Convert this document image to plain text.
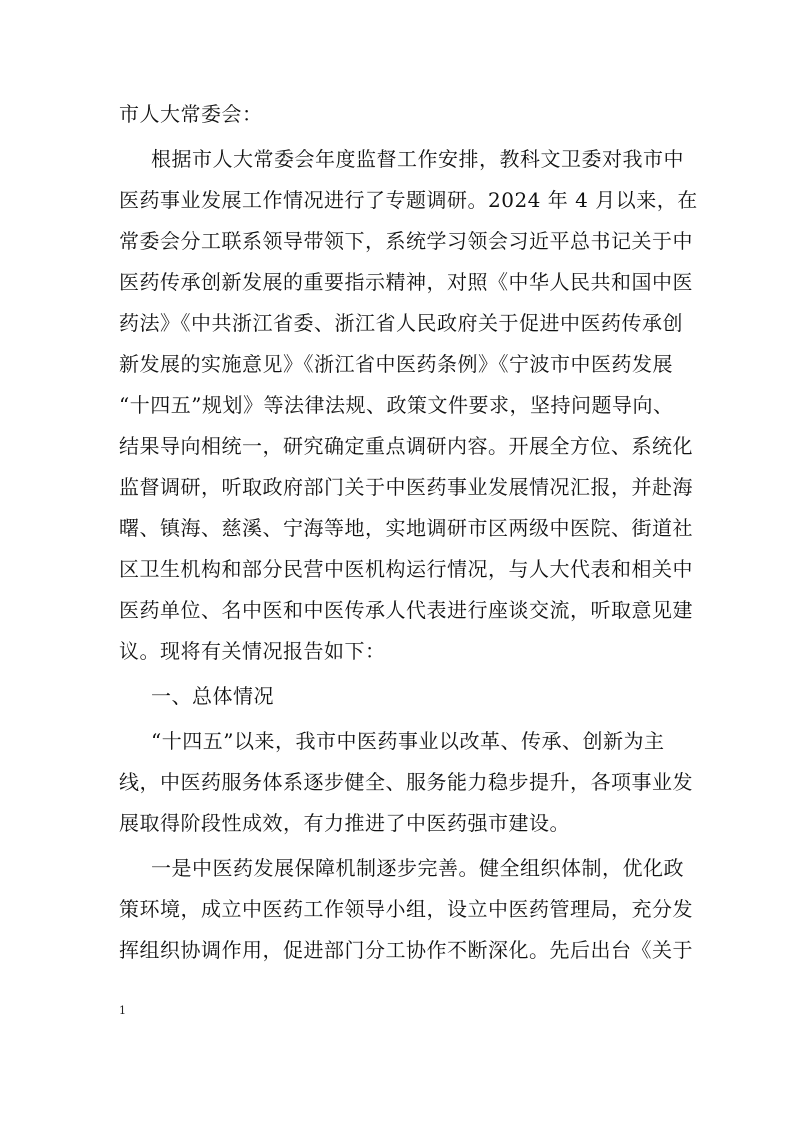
市人大常委会：
根据市人大常委会年度监督工作安排，教科文卫委对我市中
医药事业发展工作情况进行了专题调研。2024 年 4 月以来，在
常委会分工联系领导带领下，系统学习领会习近平总书记关于中
医药传承创新发展的重要指示精神，对照《中华人民共和国中医
药法》《中共浙江省委、浙江省人民政府关于促进中医药传承创
新发展的实施意见》《浙江省中医药条例》《宁波市中医药发展
“十四五”规划》等法律法规、政策文件要求，坚持问题导向、
结果导向相统一，研究确定重点调研内容。开展全方位、系统化
监督调研，听取政府部门关于中医药事业发展情况汇报，并赴海
曙、镇海、慈溪、宁海等地，实地调研市区两级中医院、街道社
区卫生机构和部分民营中医机构运行情况，与人大代表和相关中
医药单位、名中医和中医传承人代表进行座谈交流，听取意见建
议。现将有关情况报告如下：
一、总体情况
“十四五”以来，我市中医药事业以改革、传承、创新为主
线，中医药服务体系逐步健全、服务能力稳步提升，各项事业发
展取得阶段性成效，有力推进了中医药强市建设。
一是中医药发展保障机制逐步完善。健全组织体制，优化政
策环境，成立中医药工作领导小组，设立中医药管理局，充分发
挥组织协调作用，促进部门分工协作不断深化。先后出台《关于
1
